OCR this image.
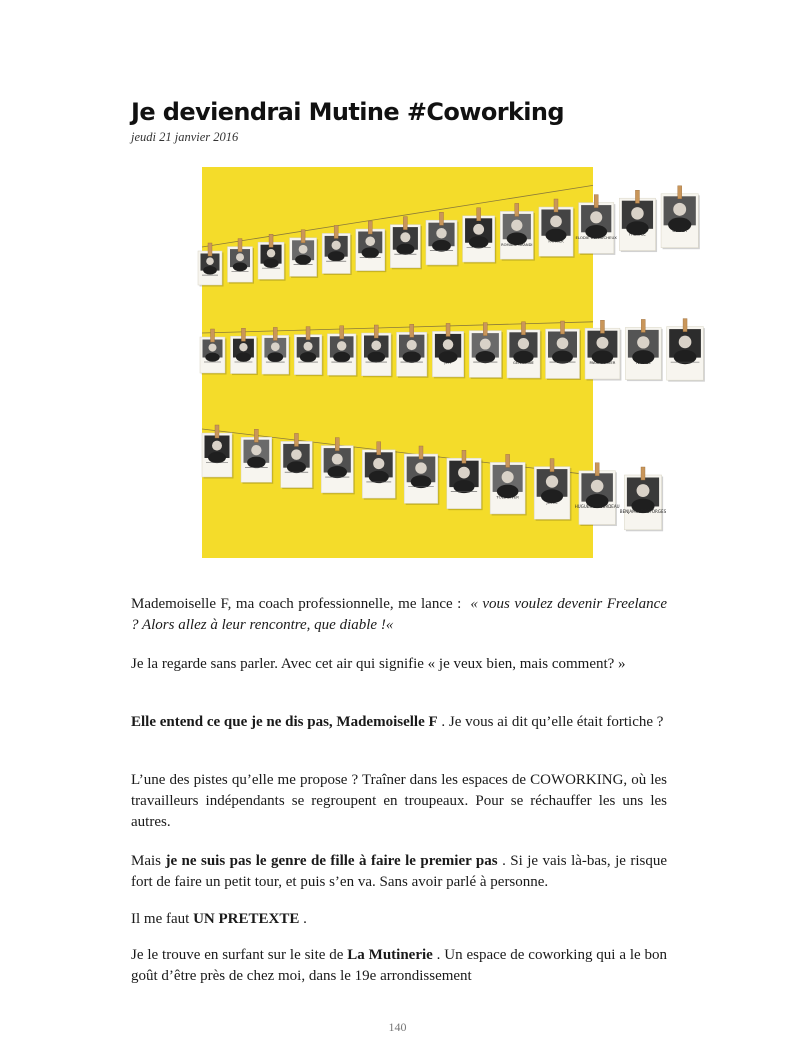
Je deviendrai Mutine #Coworking
jeudi 21 janvier 2016
ROMANE GRANDI
PATRICK
ELODIE DEFAUCHEUX
FABRICE
OLIVER
JEFF	GERALDINE	PAUL OLIVIER	RAFAEL
TOLL DIVER
JESSE
HUGUES DE SURDEAU
BENJAMIN DESFORGES

Mademoiselle F, ma coach professionnelle, me lance : « vous voulez devenir Freelance ? Alors allez à leur rencontre, que diable !«

Je la regarde sans parler. Avec cet air qui signifie « je veux bien, mais comment? »

Elle entend ce que je ne dis pas, Mademoiselle F . Je vous ai dit qu’elle était fortiche ?

L’une des pistes qu’elle me propose ? Traîner dans les espaces de COWORKING, où les travailleurs indépendants se regroupent en troupeaux. Pour se réchauffer les uns les autres.

Mais je ne suis pas le genre de fille à faire le premier pas . Si je vais là-bas, je risque fort de faire un petit tour, et puis s’en va. Sans avoir parlé à personne.

Il me faut UN PRETEXTE .

Je le trouve en surfant sur le site de La Mutinerie . Un espace de coworking qui a le bon goût d’être près de chez moi, dans le 19e arrondissement

140
